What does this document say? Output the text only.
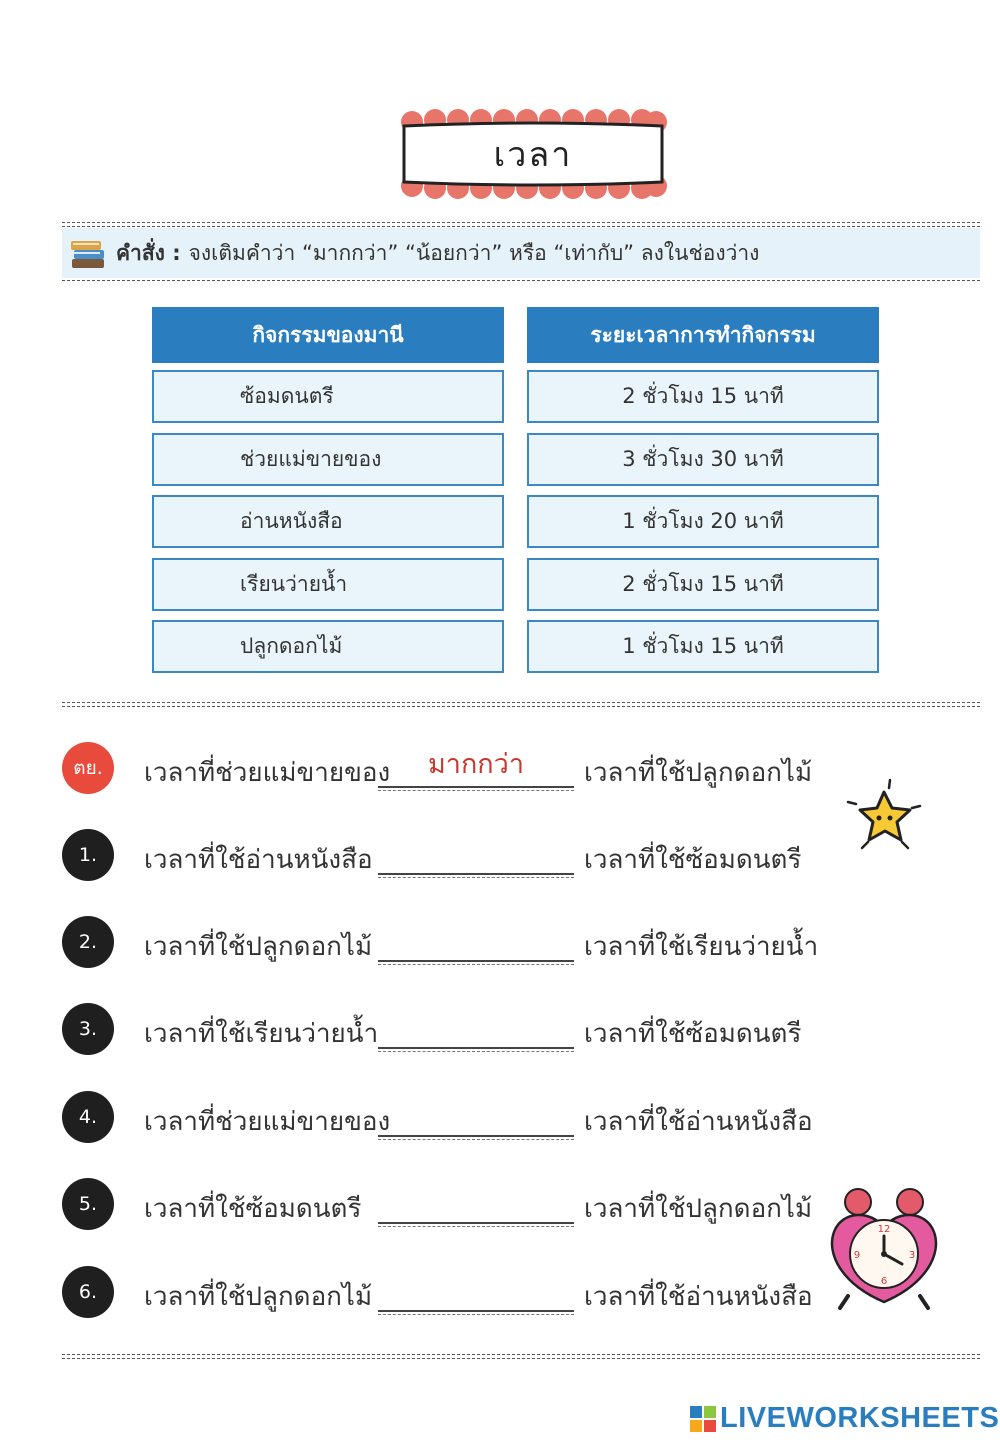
เวลา
คำสั่ง : จงเติมคำว่า “มากกว่า” “น้อยกว่า” หรือ “เท่ากับ” ลงในช่องว่าง
กิจกรรมของมานี	ระยะเวลาการทำกิจกรรม
ซ้อมดนตรี	2 ชั่วโมง 15 นาที
ช่วยแม่ขายของ	3 ชั่วโมง 30 นาที
อ่านหนังสือ	1 ชั่วโมง 20 นาที
เรียนว่ายน้ำ	2 ชั่วโมง 15 นาที
ปลูกดอกไม้	1 ชั่วโมง 15 นาที
ตย.	เวลาที่ช่วยแม่ขายของ	มากกว่า	เวลาที่ใช้ปลูกดอกไม้
1.	เวลาที่ใช้อ่านหนังสือ	เวลาที่ใช้ซ้อมดนตรี
2.	เวลาที่ใช้ปลูกดอกไม้	เวลาที่ใช้เรียนว่ายน้ำ
3.	เวลาที่ใช้เรียนว่ายน้ำ	เวลาที่ใช้ซ้อมดนตรี
4.	เวลาที่ช่วยแม่ขายของ	เวลาที่ใช้อ่านหนังสือ
5.	เวลาที่ใช้ซ้อมดนตรี	เวลาที่ใช้ปลูกดอกไม้
6.	เวลาที่ใช้ปลูกดอกไม้	เวลาที่ใช้อ่านหนังสือ
12
3
6
9
LIVEWORKSHEETS
